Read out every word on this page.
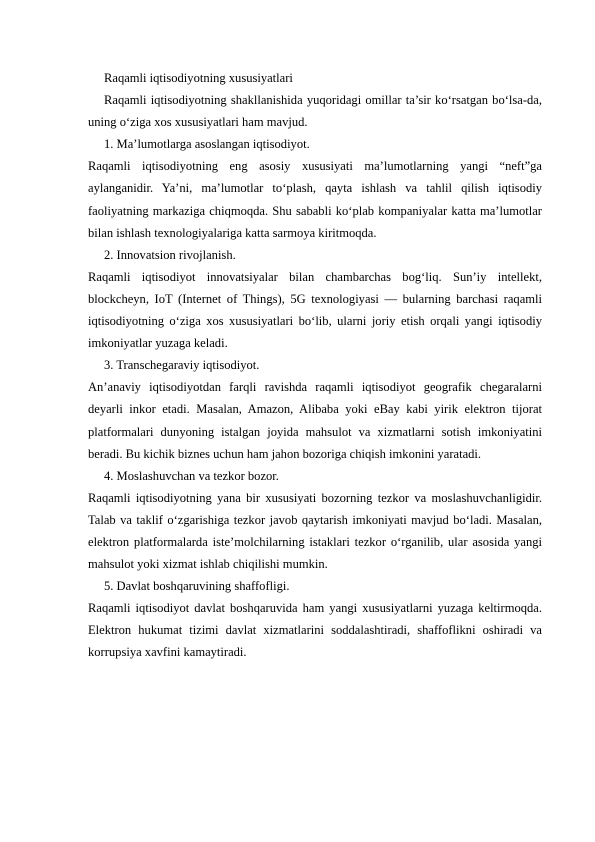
Raqamli iqtisodiyotning xususiyatlari

Raqamli iqtisodiyotning shakllanishida yuqoridagi omillar ta’sir ko‘rsatgan bo‘lsa-da, uning o‘ziga xos xususiyatlari ham mavjud.

1. Ma’lumotlarga asoslangan iqtisodiyot.

Raqamli iqtisodiyotning eng asosiy xususiyati ma’lumotlarning yangi “neft”ga aylanganidir. Ya’ni, ma’lumotlar to‘plash, qayta ishlash va tahlil qilish iqtisodiy faoliyatning markaziga chiqmoqda. Shu sababli ko‘plab kompaniyalar katta ma’lumotlar bilan ishlash texnologiyalariga katta sarmoya kiritmoqda.

2. Innovatsion rivojlanish.

Raqamli iqtisodiyot innovatsiyalar bilan chambarchas bog‘liq. Sun’iy intellekt, blockcheyn, IoT (Internet of Things), 5G texnologiyasi — bularning barchasi raqamli iqtisodiyotning o‘ziga xos xususiyatlari bo‘lib, ularni joriy etish orqali yangi iqtisodiy imkoniyatlar yuzaga keladi.

3. Transchegaraviy iqtisodiyot.

An’anaviy iqtisodiyotdan farqli ravishda raqamli iqtisodiyot geografik chegaralarni deyarli inkor etadi. Masalan, Amazon, Alibaba yoki eBay kabi yirik elektron tijorat platformalari dunyoning istalgan joyida mahsulot va xizmatlarni sotish imkoniyatini beradi. Bu kichik biznes uchun ham jahon bozoriga chiqish imkonini yaratadi.

4. Moslashuvchan va tezkor bozor.

Raqamli iqtisodiyotning yana bir xususiyati bozorning tezkor va moslashuvchanligidir. Talab va taklif o‘zgarishiga tezkor javob qaytarish imkoniyati mavjud bo‘ladi. Masalan, elektron platformalarda iste’molchilarning istaklari tezkor o‘rganilib, ular asosida yangi mahsulot yoki xizmat ishlab chiqilishi mumkin.

5. Davlat boshqaruvining shaffofligi.

Raqamli iqtisodiyot davlat boshqaruvida ham yangi xususiyatlarni yuzaga keltirmoqda. Elektron hukumat tizimi davlat xizmatlarini soddalashtiradi, shaffoflikni oshiradi va korrupsiya xavfini kamaytiradi.
